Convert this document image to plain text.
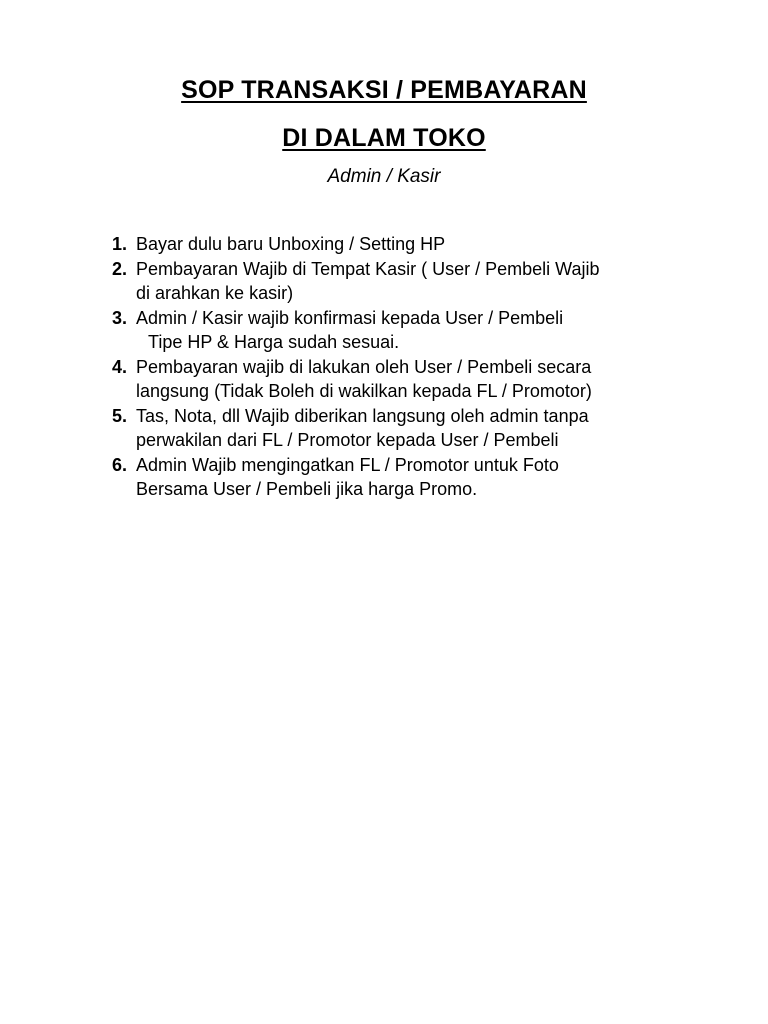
SOP TRANSAKSI / PEMBAYARAN
DI DALAM TOKO
Admin / Kasir
1. Bayar dulu baru Unboxing / Setting HP
2. Pembayaran Wajib di Tempat Kasir ( User / Pembeli Wajib
di arahkan ke kasir)
3. Admin / Kasir wajib konfirmasi kepada User / Pembeli
Tipe HP & Harga sudah sesuai.
4. Pembayaran wajib di lakukan oleh User / Pembeli secara
langsung (Tidak Boleh di wakilkan kepada FL / Promotor)
5. Tas, Nota, dll Wajib diberikan langsung oleh admin tanpa
perwakilan dari FL / Promotor kepada User / Pembeli
6. Admin Wajib mengingatkan FL / Promotor untuk Foto
Bersama User / Pembeli jika harga Promo.
